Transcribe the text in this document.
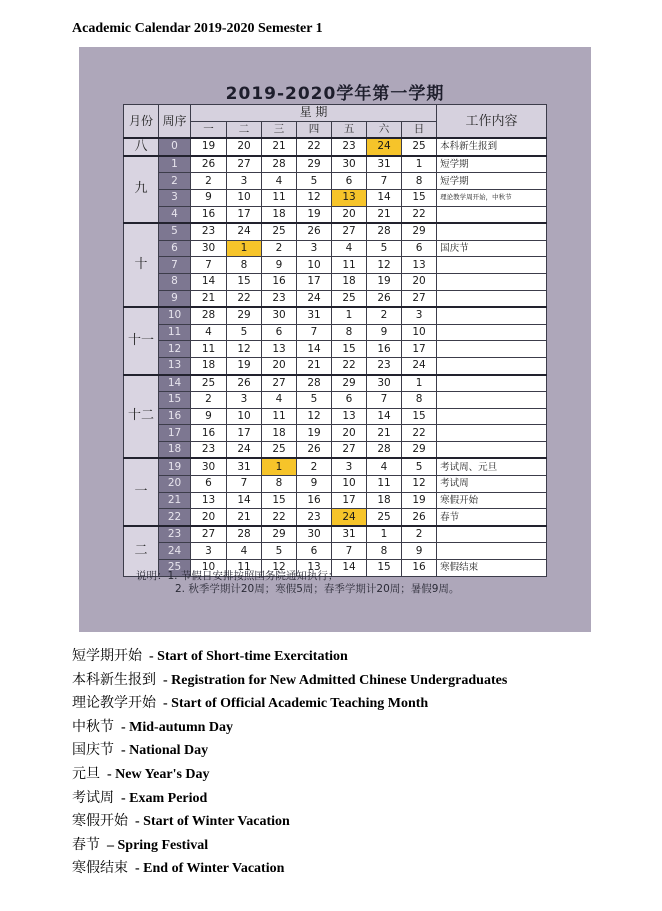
Academic Calendar 2019-2020 Semester 1
2019-2020学年第一学期
月份	周序	星 期							工作内容
		一	二	三	四	五	六	日	
八	0	19	20	21	22	23	24	25	本科新生报到
九	1	26	27	28	29	30	31	1	短学期
	2	2	3	4	5	6	7	8	短学期
	3	9	10	11	12	13	14	15	理论教学周开始，中秋节
	4	16	17	18	19	20	21	22	
十	5	23	24	25	26	27	28	29	
	6	30	1	2	3	4	5	6	国庆节
	7	7	8	9	10	11	12	13	
	8	14	15	16	17	18	19	20	
	9	21	22	23	24	25	26	27	
十一	10	28	29	30	31	1	2	3	
	11	4	5	6	7	8	9	10	
	12	11	12	13	14	15	16	17	
	13	18	19	20	21	22	23	24	
十二	14	25	26	27	28	29	30	1	
	15	2	3	4	5	6	7	8	
	16	9	10	11	12	13	14	15	
	17	16	17	18	19	20	21	22	
	18	23	24	25	26	27	28	29	
一	19	30	31	1	2	3	4	5	考试周、元旦
	20	6	7	8	9	10	11	12	考试周
	21	13	14	15	16	17	18	19	寒假开始
	22	20	21	22	23	24	25	26	春节
二	23	27	28	29	30	31	1	2	
	24	3	4	5	6	7	8	9	
	25	10	11	12	13	14	15	16	寒假结束
说明：1. 节假日安排按照国务院通知执行；
2. 秋季学期计20周；寒假5周；春季学期计20周；暑假9周。
短学期开始 - Start of Short-time Exercitation
本科新生报到 - Registration for New Admitted Chinese Undergraduates
理论教学开始 - Start of Official Academic Teaching Month
中秋节 - Mid-autumn Day
国庆节 - National Day
元旦 - New Year's Day
考试周 - Exam Period
寒假开始 - Start of Winter Vacation
春节 – Spring Festival
寒假结束 - End of Winter Vacation
